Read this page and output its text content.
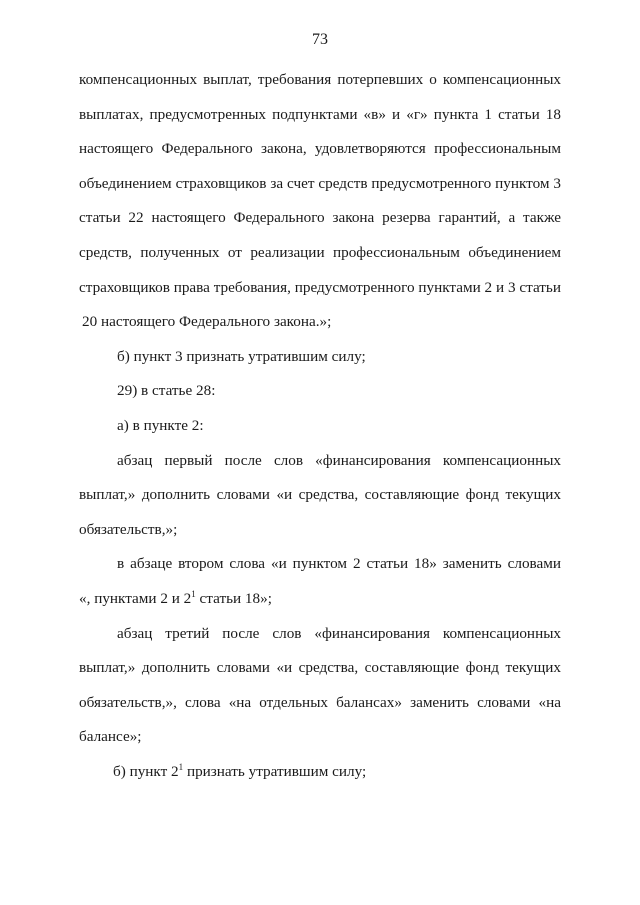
73
компенсационных выплат, требования потерпевших о компенсационных
выплатах, предусмотренных подпунктами «в» и «г» пункта 1 статьи 18
настоящего Федерального закона, удовлетворяются профессиональным
объединением страховщиков за счет средств предусмотренного пунктом 3
статьи 22 настоящего Федерального закона резерва гарантий, а также
средств, полученных от реализации профессиональным объединением
страховщиков права требования, предусмотренного пунктами 2 и 3 статьи
20 настоящего Федерального закона.»;
б) пункт 3 признать утратившим силу;
29) в статье 28:
а) в пункте 2:
абзац первый после слов «финансирования компенсационных
выплат,» дополнить словами «и средства, составляющие фонд текущих
обязательств,»;
в абзаце втором слова «и пунктом 2 статьи 18» заменить словами
«, пунктами 2 и $2^1$ статьи 18»;
абзац третий после слов «финансирования компенсационных
выплат,» дополнить словами «и средства, составляющие фонд текущих
обязательств,», слова «на отдельных балансах» заменить словами «на
балансе»;
б) пункт $2^1$ признать утратившим силу;
